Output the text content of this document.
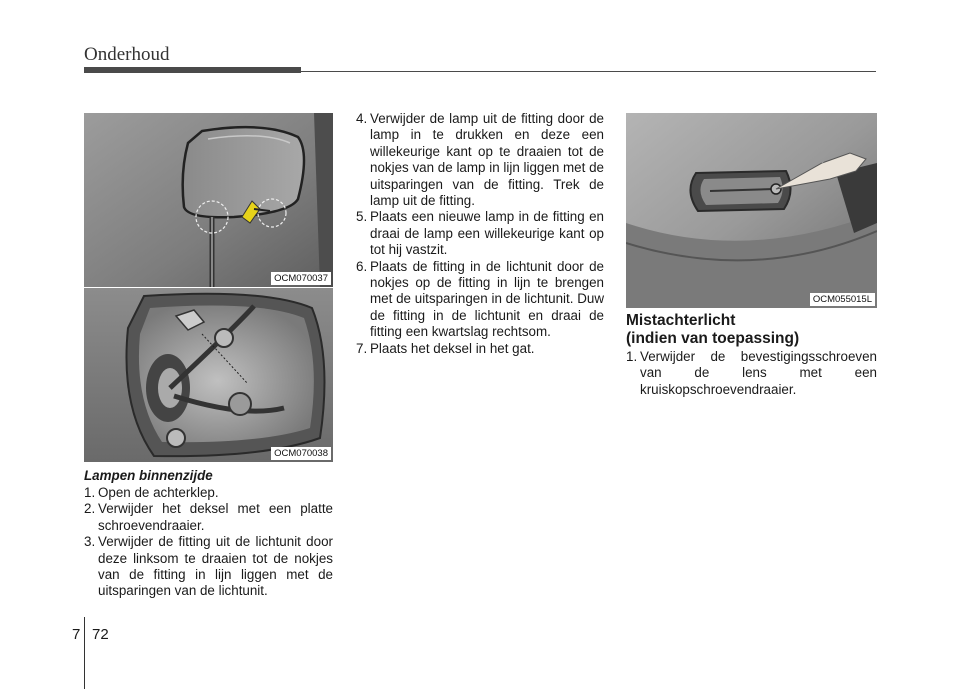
Onderhoud
OCM070037
OCM070038
Lampen binnenzijde
1. Open de achterklep.
2. Verwijder het deksel met een platte schroevendraaier.
3. Verwijder de fitting uit de lichtunit door deze linksom te draaien tot de nokjes van de fitting in lijn liggen met de uitsparingen van de lichtunit.
4. Verwijder de lamp uit de fitting door de lamp in te drukken en deze een willekeurige kant op te draaien tot de nokjes van de lamp in lijn liggen met de uitsparingen van de fitting. Trek de lamp uit de fitting.
5. Plaats een nieuwe lamp in de fitting en draai de lamp een willekeurige kant op tot hij vastzit.
6. Plaats de fitting in de lichtunit door de nokjes op de fitting in lijn te brengen met de uitsparingen in de lichtunit. Duw de fitting in de lichtunit en draai de fitting een kwartslag rechtsom.
7. Plaats het deksel in het gat.
OCM055015L
Mistachterlicht
(indien van toepassing)
1. Verwijder de bevestigingsschroeven van de lens met een kruiskopschroevendraaier.
7 72
